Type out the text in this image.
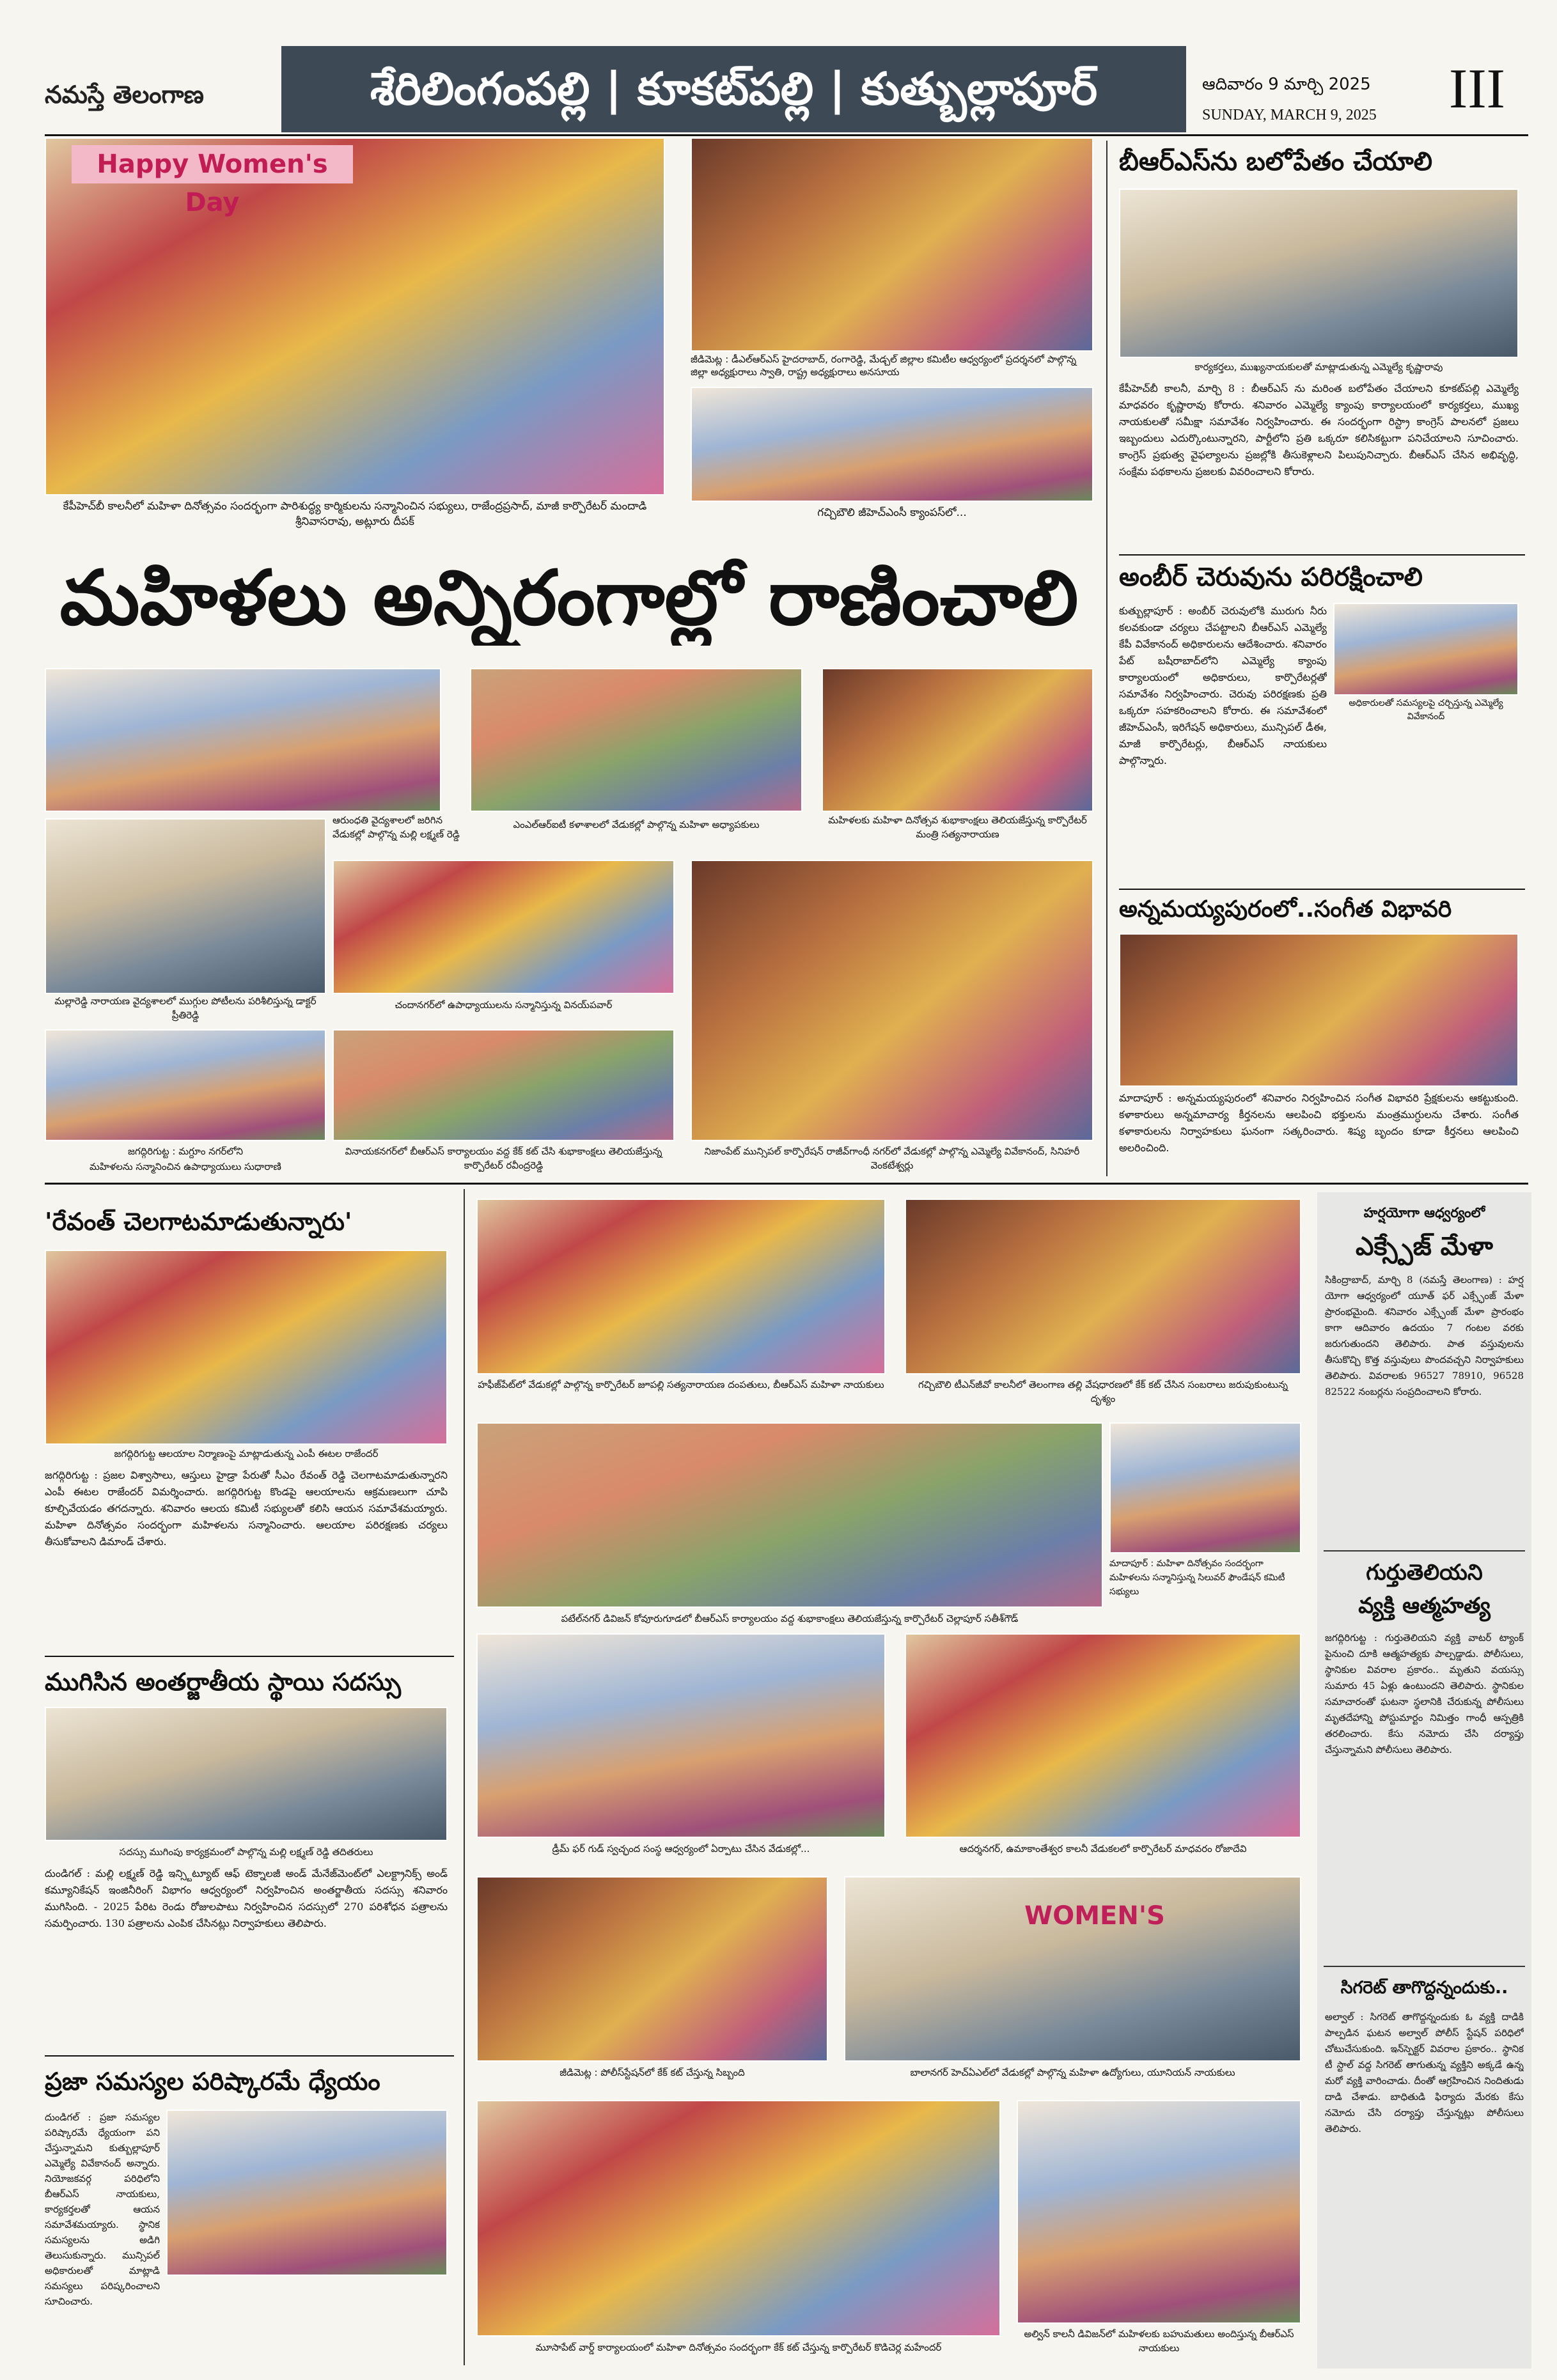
నమస్తే తెలంగాణ	శేరిలింగంపల్లి | కూకట్‌పల్లి | కుత్బుల్లాపూర్	ఆదివారం 9 మార్చి 2025
SUNDAY, MARCH 9, 2025	III
Happy Women's Day
కేపీహెచ్‌బీ కాలనీలో మహిళా దినోత్సవం సందర్భంగా పారిశుద్ధ్య కార్మికులను సన్మానించిన సభ్యులు, రాజేంద్రప్రసాద్, మాజీ కార్పొరేటర్ మందాడి శ్రీనివాసరావు, అట్లూరు దీపక్
జీడిమెట్ల : డీఎల్‌ఆర్‌ఎస్ హైదరాబాద్, రంగారెడ్డి, మేడ్చల్ జిల్లాల కమిటీల ఆధ్వర్యంలో ప్రదర్శనలో పాల్గొన్న జిల్లా అధ్యక్షురాలు స్వాతి, రాష్ట్ర అధ్యక్షురాలు అనసూయ
గచ్చిబౌలి జీహెచ్‌ఎంసీ క్యాంపస్‌లో...
మహిళలు అన్నిరంగాల్లో రాణించాలి
ఆరుంధతి వైద్యశాలలో జరిగిన వేడుకల్లో పాల్గొన్న మల్లి లక్ష్మణ్ రెడ్డి
ఎంఎల్‌ఆర్‌ఐటీ కళాశాలలో వేడుకల్లో పాల్గొన్న మహిళా అధ్యాపకులు	మహిళలకు మహిళా దినోత్సవ శుభాకాంక్షలు తెలియజేస్తున్న కార్పొరేటర్ మంత్రి సత్యనారాయణ
మల్లారెడ్డి నారాయణ వైద్యశాలలో ముగ్గుల పోటీలను పరిశీలిస్తున్న డాక్టర్ ప్రీతిరెడ్డి
చందానగర్‌లో ఉపాధ్యాయులను సన్మానిస్తున్న వినయ్‌పవార్
జగద్గిరిగుట్ట : మగ్దూం నగర్‌లోని
మహిళలను సన్మానించిన ఉపాధ్యాయులు సుధారాణి
వినాయకనగర్‌లో బీఆర్‌ఎస్ కార్యాలయం వద్ద కేక్ కట్ చేసి శుభాకాంక్షలు తెలియజేస్తున్న కార్పొరేటర్ రవీంద్రరెడ్డి
నిజాంపేట్ మున్సిపల్ కార్పొరేషన్ రాజీవ్‌గాంధీ నగర్‌లో వేడుకల్లో పాల్గొన్న ఎమ్మెల్యే వివేకానంద్, సినిహరీ వెంకటేశ్వర్లు
బీఆర్‌ఎస్‌ను బలోపేతం చేయాలి
కార్యకర్తలు, ముఖ్యనాయకులతో మాట్లాడుతున్న ఎమ్మెల్యే కృష్ణారావు
కేపీహెచ్‌బీ కాలనీ, మార్చి 8 : బీఆర్‌ఎస్ ను మరింత బలోపేతం చేయాలని కూకట్‌పల్లి ఎమ్మెల్యే మాధవరం కృష్ణారావు కోరారు. శనివారం ఎమ్మెల్యే క్యాంపు కార్యాలయంలో కార్యకర్తలు, ముఖ్య నాయకులతో సమీక్షా సమావేశం నిర్వహించారు. ఈ సందర్భంగా రిస్ట్రా కాంగ్రెస్ పాలనలో ప్రజలు ఇబ్బందులు ఎదుర్కొంటున్నారని, పార్టీలోని ప్రతి ఒక్కరూ కలిసికట్టుగా పనిచేయాలని సూచించారు. కాంగ్రెస్ ప్రభుత్వ వైఫల్యాలను ప్రజల్లోకి తీసుకెళ్లాలని పిలుపునిచ్చారు. బీఆర్‌ఎస్ చేసిన అభివృద్ధి, సంక్షేమ పథకాలను ప్రజలకు వివరించాలని కోరారు.
అంబీర్ చెరువును పరిరక్షించాలి
అధికారులతో సమస్యలపై చర్చిస్తున్న ఎమ్మెల్యే వివేకానంద్
కుత్బుల్లాపూర్ : అంబీర్ చెరువులోకి మురుగు నీరు కలవకుండా చర్యలు చేపట్టాలని బీఆర్‌ఎస్ ఎమ్మెల్యే కేపీ వివేకానంద్ అధికారులను ఆదేశించారు. శనివారం పేట్ బషీరాబాద్‌లోని ఎమ్మెల్యే క్యాంపు కార్యాలయంలో అధికారులు, కార్పొరేటర్లతో సమావేశం నిర్వహించారు. చెరువు పరిరక్షణకు ప్రతి ఒక్కరూ సహకరించాలని కోరారు. ఈ సమావేశంలో జీహెచ్‌ఎంసీ, ఇరిగేషన్ అధికారులు, మున్సిపల్ డీఈ, మాజీ కార్పొరేటర్లు, బీఆర్‌ఎస్ నాయకులు పాల్గొన్నారు.
అన్నమయ్యపురంలో..సంగీత విభావరి
మాదాపూర్ : అన్నమయ్యపురంలో శనివారం నిర్వహించిన సంగీత విభావరి ప్రేక్షకులను ఆకట్టుకుంది. కళాకారులు అన్నమాచార్య కీర్తనలను ఆలపించి భక్తులను మంత్రముగ్ధులను చేశారు. సంగీత కళాకారులను నిర్వాహకులు ఘనంగా సత్కరించారు. శిష్య బృందం కూడా కీర్తనలు ఆలపించి అలరించింది.
'రేవంత్ చెలగాటమాడుతున్నారు'
జగద్గిరిగుట్ట ఆలయాల నిర్మాణంపై మాట్లాడుతున్న ఎంపీ ఈటల రాజేందర్
జగద్గిరిగుట్ట : ప్రజల విశ్వాసాలు, ఆస్తులు హైడ్రా పేరుతో సీఎం రేవంత్ రెడ్డి చెలగాటమాడుతున్నారని ఎంపీ ఈటల రాజేందర్ విమర్శించారు. జగద్గిరిగుట్ట కొండపై ఆలయాలను ఆక్రమణలుగా చూపి కూల్చివేయడం తగదన్నారు. శనివారం ఆలయ కమిటీ సభ్యులతో కలిసి ఆయన సమావేశమయ్యారు. మహిళా దినోత్సవం సందర్భంగా మహిళలను సన్మానించారు. ఆలయాల పరిరక్షణకు చర్యలు తీసుకోవాలని డిమాండ్ చేశారు.
ముగిసిన అంతర్జాతీయ స్థాయి సదస్సు
సదస్సు ముగింపు కార్యక్రమంలో పాల్గొన్న మల్లి లక్ష్మణ్ రెడ్డి తదితరులు
దుండిగల్ : మల్లి లక్ష్మణ్ రెడ్డి ఇన్స్టిట్యూట్ ఆఫ్ టెక్నాలజీ అండ్ మేనేజ్‌మెంట్‌లో ఎలక్ట్రానిక్స్ అండ్ కమ్యూనికేషన్ ఇంజినీరింగ్ విభాగం ఆధ్వర్యంలో నిర్వహించిన అంతర్జాతీయ సదస్సు శనివారం ముగిసింది. - 2025 పేరిట రెండు రోజులపాటు నిర్వహించిన సదస్సులో 270 పరిశోధన పత్రాలను సమర్పించారు. 130 పత్రాలను ఎంపిక చేసినట్లు నిర్వాహకులు తెలిపారు.
ప్రజా సమస్యల పరిష్కారమే ధ్యేయం
దుండిగల్ : ప్రజా సమస్యల పరిష్కారమే ధ్యేయంగా పని చేస్తున్నామని కుత్బుల్లాపూర్ ఎమ్మెల్యే వివేకానంద్ అన్నారు. నియోజకవర్గ పరిధిలోని బీఆర్‌ఎస్ నాయకులు, కార్యకర్తలతో ఆయన సమావేశమయ్యారు. స్థానిక సమస్యలను అడిగి తెలుసుకున్నారు. మున్సిపల్ అధికారులతో మాట్లాడి సమస్యలు పరిష్కరించాలని సూచించారు.
హఫీజ్‌పేట్‌లో వేడుకల్లో పాల్గొన్న కార్పొరేటర్ జూపల్లి సత్యనారాయణ దంపతులు, బీఆర్‌ఎస్ మహిళా నాయకులు	గచ్చిబౌలి టీఎన్‌జీవో కాలనీలో తెలంగాణ తల్లి వేషధారణలో కేక్ కట్ చేసిన సంబరాలు జరుపుకుంటున్న దృశ్యం
పటేల్‌నగర్ డివిజన్ కోవూరుగూడలో బీఆర్‌ఎస్ కార్యాలయం వద్ద శుభాకాంక్షలు తెలియజేస్తున్న కార్పొరేటర్ చెల్లాపూర్ సతీశ్‌గౌడ్
మాదాపూర్ : మహిళా దినోత్సవం సందర్భంగా మహిళలను సన్మానిస్తున్న సిలువర్ ఫౌండేషన్ కమిటీ సభ్యులు
డ్రీమ్ ఫర్ గుడ్ స్వచ్ఛంద సంస్థ ఆధ్వర్యంలో ఏర్పాటు చేసిన వేడుకల్లో...	ఆదర్శనగర్, ఉమాకాంతేశ్వర కాలనీ వేడుకలలో కార్పొరేటర్ మాధవరం రోజాదేవి
జీడిమెట్ల : పోలీస్‌స్టేషన్‌లో కేక్ కట్ చేస్తున్న సిబ్బంది
WOMEN'S
బాలానగర్ హెచ్‌ఏఎల్‌లో వేడుకల్లో పాల్గొన్న మహిళా ఉద్యోగులు, యూనియన్ నాయకులు
మూసాపేట్ వార్డ్ కార్యాలయంలో మహిళా దినోత్సవం సందర్భంగా కేక్ కట్ చేస్తున్న కార్పొరేటర్ కొడిచెర్ల మహేందర్
అల్విన్ కాలనీ డివిజన్‌లో మహిళలకు బహుమతులు అందిస్తున్న బీఆర్‌ఎస్ నాయకులు
హర్షయోగా ఆధ్వర్యంలో
ఎక్స్పేజ్ మేళా
సికింద్రాబాద్, మార్చి 8 (నమస్తే తెలంగాణ) : హర్ష యోగా ఆధ్వర్యంలో యూత్ ఫర్ ఎక్స్ఛేంజ్ మేళా ప్రారంభమైంది. శనివారం ఎక్స్ఛేంజ్ మేళా ప్రారంభం కాగా ఆదివారం ఉదయం 7 గంటల వరకు జరుగుతుందని తెలిపారు. పాత వస్తువులను తీసుకొచ్చి కొత్త వస్తువులు పొందవచ్చని నిర్వాహకులు తెలిపారు. వివరాలకు 96527 78910, 96528 82522 నంబర్లను సంప్రదించాలని కోరారు.
గుర్తుతెలియని
వ్యక్తి ఆత్మహత్య
జగద్గిరిగుట్ట : గుర్తుతెలియని వ్యక్తి వాటర్ ట్యాంక్ పైనుంచి దూకి ఆత్మహత్యకు పాల్పడ్డాడు. పోలీసులు, స్థానికుల వివరాల ప్రకారం.. మృతుని వయస్సు సుమారు 45 ఏళ్లు ఉంటుందని తెలిపారు. స్థానికుల సమాచారంతో ఘటనా స్థలానికి చేరుకున్న పోలీసులు మృతదేహాన్ని పోస్టుమార్టం నిమిత్తం గాంధీ ఆస్పత్రికి తరలించారు. కేసు నమోదు చేసి దర్యాప్తు చేస్తున్నామని పోలీసులు తెలిపారు.
సిగరెట్ తాగొద్దన్నందుకు..
అల్వాల్ : సిగరెట్ తాగొద్దన్నందుకు ఓ వ్యక్తి దాడికి పాల్పడిన ఘటన అల్వాల్ పోలీస్ స్టేషన్ పరిధిలో చోటుచేసుకుంది. ఇన్‌స్పెక్టర్ వివరాల ప్రకారం.. స్థానిక టీ స్టాల్ వద్ద సిగరెట్ తాగుతున్న వ్యక్తిని అక్కడే ఉన్న మరో వ్యక్తి వారించాడు. దీంతో ఆగ్రహించిన నిందితుడు దాడి చేశాడు. బాధితుడి ఫిర్యాదు మేరకు కేసు నమోదు చేసి దర్యాప్తు చేస్తున్నట్లు పోలీసులు తెలిపారు.
